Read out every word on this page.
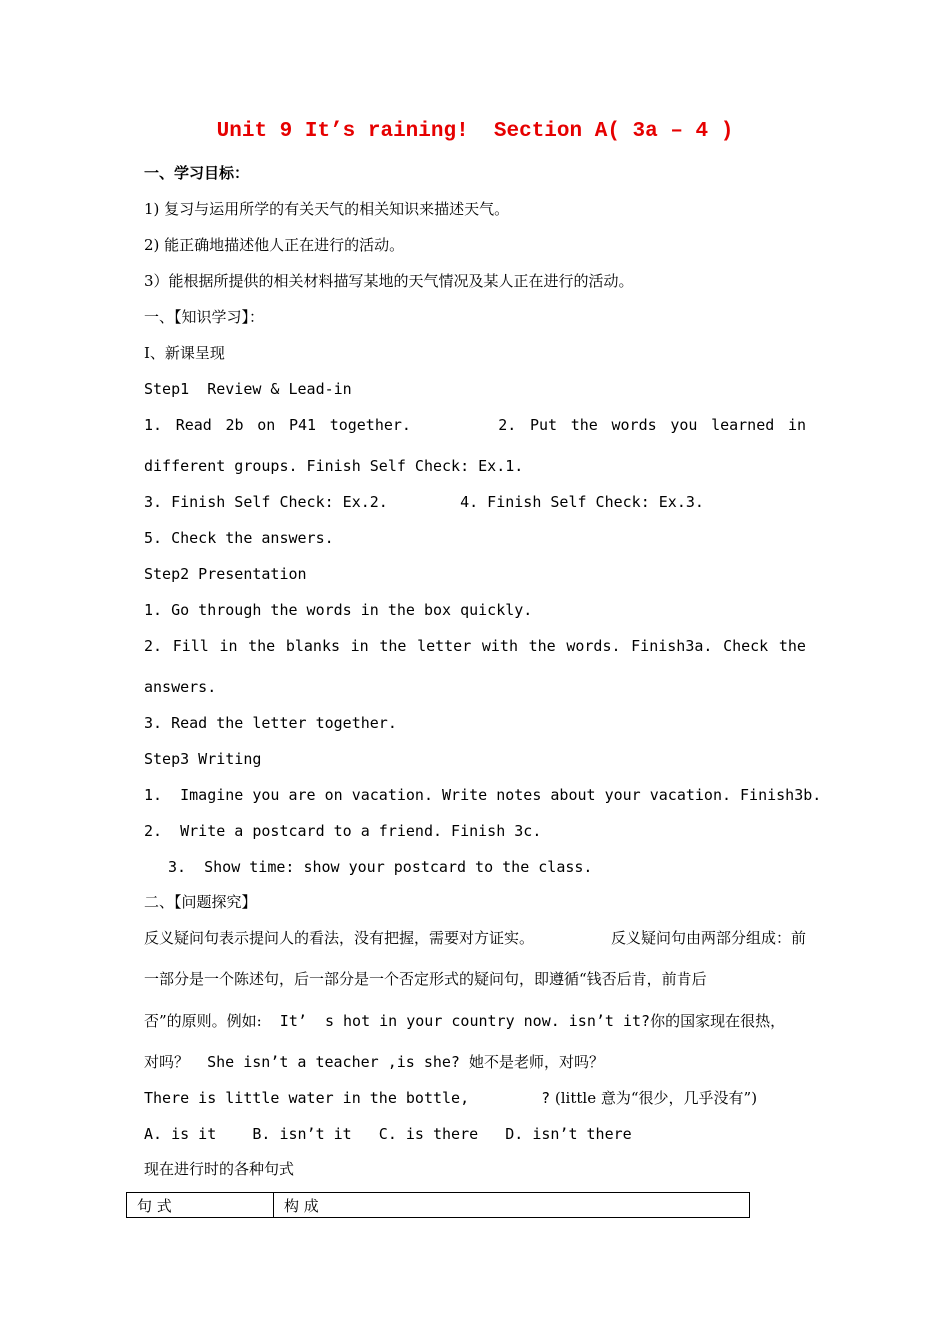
Unit 9 It’s raining!  Section A( 3a – 4 )
一、学习目标：
1) 复习与运用所学的有关天气的相关知识来描述天气。
2) 能正确地描述他人正在进行的活动。
3）能根据所提供的相关材料描写某地的天气情况及某人正在进行的活动。
一、【知识学习】：
I、新课呈现
Step1  Review & Lead-in
1. Read 2b on P41 together.	2. Put the words you learned in
different groups. Finish Self Check: Ex.1.
3. Finish Self Check: Ex.2.        4. Finish Self Check: Ex.3.
5. Check the answers.
Step2 Presentation
1. Go through the words in the box quickly.
2. Fill in the blanks in the letter with the words. Finish3a. Check the
answers.
3. Read the letter together.
Step3 Writing
1.  Imagine you are on vacation. Write notes about your vacation. Finish3b.
2.  Write a postcard to a friend. Finish 3c.
3.  Show time: show your postcard to the class.
二、【问题探究】
反义疑问句表示提问人的看法，没有把握，需要对方证实。	反义疑问句由两部分组成：前
一部分是一个陈述句，后一部分是一个否定形式的疑问句，即遵循“钱否后肯，前肯后
否”的原则。例如:  It’  s hot in your country now. isn’t it?你的国家现在很热，
对吗？  She isn’t a teacher ,is she? 她不是老师，对吗？
There is little water in the bottle,	? (little 意为“很少，几乎没有”)
A. is it    B. isn’t it   C. is there   D. isn’t there
现在进行时的各种句式
句 式	构 成
